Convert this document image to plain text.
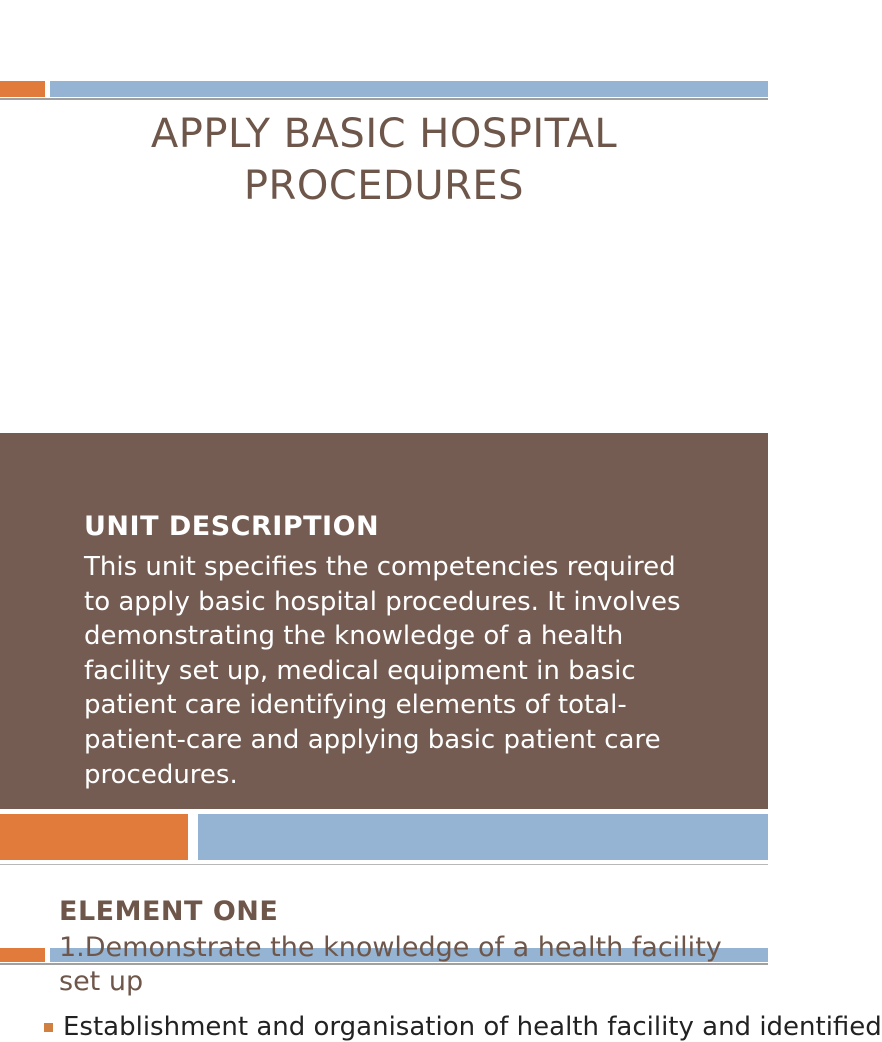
APPLY BASIC HOSPITAL PROCEDURES
UNIT DESCRIPTION

This unit specifies the competencies required to apply basic hospital procedures. It involves demonstrating the knowledge of a health facility set up, medical equipment in basic patient care identifying elements of total-patient-care and applying basic patient care procedures.

ELEMENT ONE

1.Demonstrate the knowledge of a health facility set up

Establishment and organisation of health facility and identified
